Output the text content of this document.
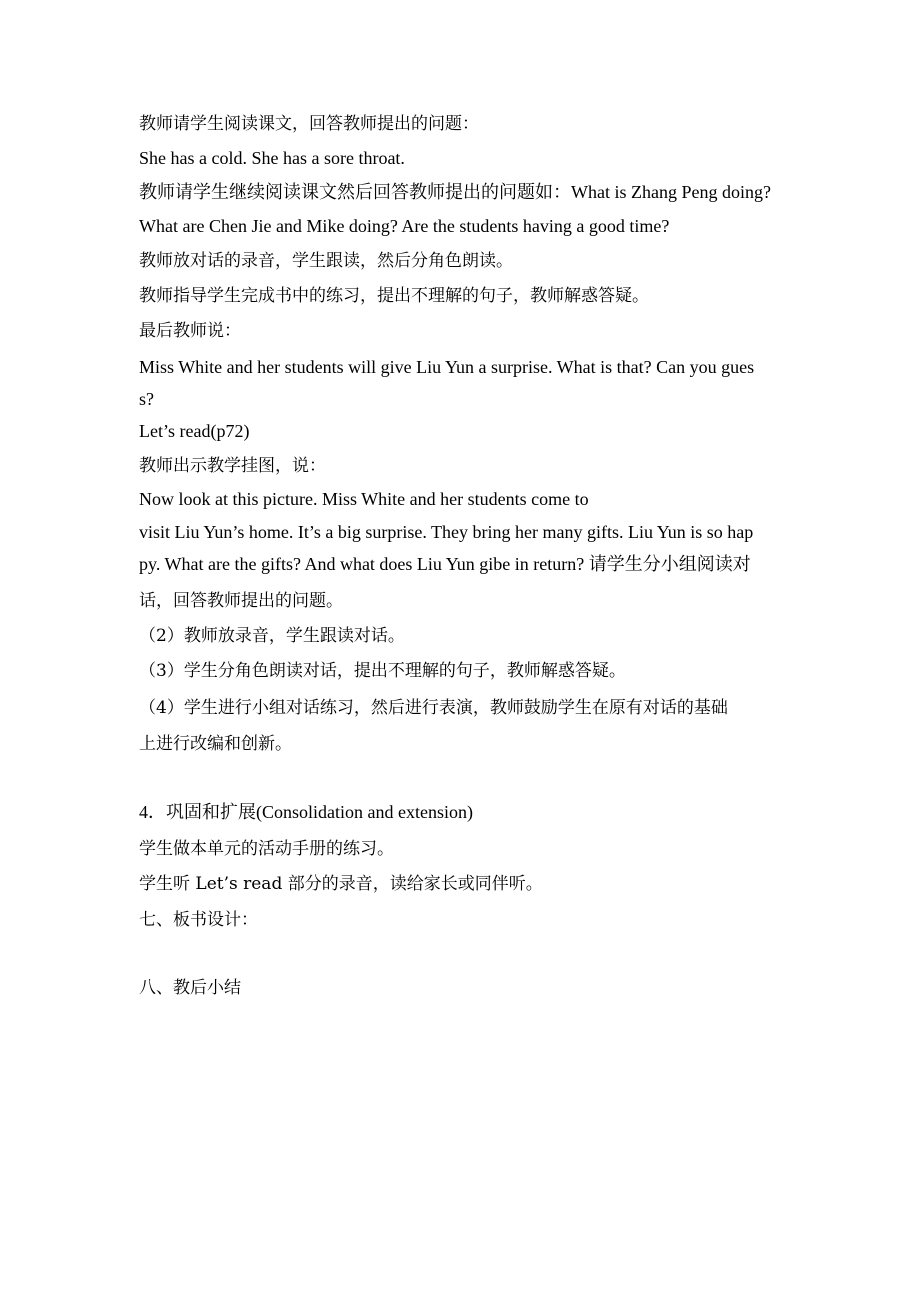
教师请学生阅读课文，回答教师提出的问题：
She has a cold. She has a sore throat.
教师请学生继续阅读课文然后回答教师提出的问题如：What is Zhang Peng doing?
What are Chen Jie and Mike doing? Are the students having a good time?
教师放对话的录音，学生跟读，然后分角色朗读。
教师指导学生完成书中的练习，提出不理解的句子，教师解惑答疑。
最后教师说：
Miss White and her students will give Liu Yun a surprise. What is that? Can you gues
s?
Let’s read(p72)
教师出示教学挂图，说：
Now look at this picture. Miss White and her students come to
visit Liu Yun’s home. It’s a big surprise. They bring her many gifts. Liu Yun is so hap
py. What are the gifts? And what does Liu Yun gibe in return? 请学生分小组阅读对
话，回答教师提出的问题。
（2）教师放录音，学生跟读对话。
（3）学生分角色朗读对话，提出不理解的句子，教师解惑答疑。
（4）学生进行小组对话练习，然后进行表演，教师鼓励学生在原有对话的基础
上进行改编和创新。
4．巩固和扩展(Consolidation and extension)
学生做本单元的活动手册的练习。
学生听 Let’s read 部分的录音，读给家长或同伴听。
七、板书设计：
八、教后小结
